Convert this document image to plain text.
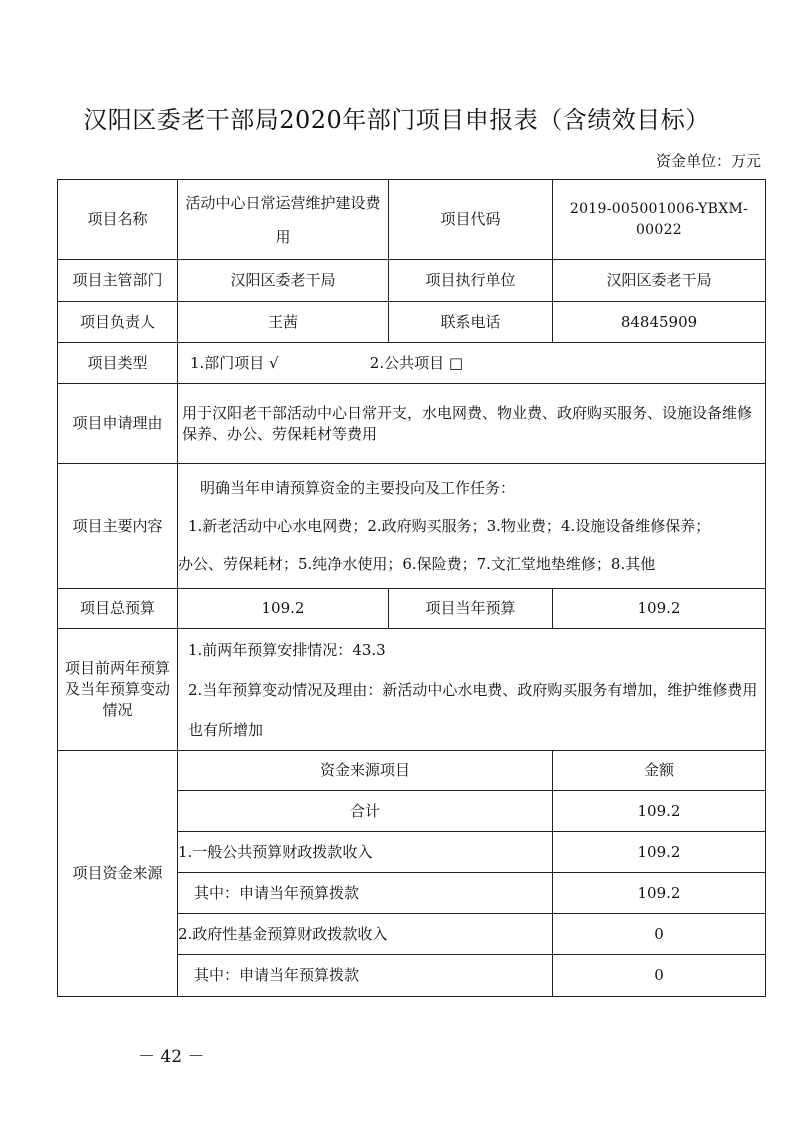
汉阳区委老干部局2020年部门项目申报表（含绩效目标）
资金单位：万元
项目名称	活动中心日常运营维护建设费用	项目代码	2019-005001006-YBXM-00022
项目主管部门	汉阳区委老干局	项目执行单位	汉阳区委老干局
项目负责人	王茜	联系电话	84845909
项目类型	1.部门项目 √ 2.公共项目 □		
项目申请理由	用于汉阳老干部活动中心日常开支，水电网费、物业费、政府购买服务、设施设备维修保养、办公、劳保耗材等费用		
项目主要内容	明确当年申请预算资金的主要投向及工作任务：

1.新老活动中心水电网费；2.政府购买服务；3.物业费；4.设施设备维修保养；

办公、劳保耗材；5.纯净水使用；6.保险费；7.文汇堂地垫维修；8.其他		

项目总预算	109.2	项目当年预算	109.2
项目前两年预算及当年预算变动情况	1.前两年预算安排情况：43.3

2.当年预算变动情况及理由：新活动中心水电费、政府购买服务有增加，维护维修费用也有所增加		

项目资金来源	资金来源项目		金额
	合计		109.2
	1.一般公共预算财政拨款收入		109.2
	其中：申请当年预算拨款		109.2
	2.政府性基金预算财政拨款收入		0
	其中：申请当年预算拨款		0
－ 42 －
